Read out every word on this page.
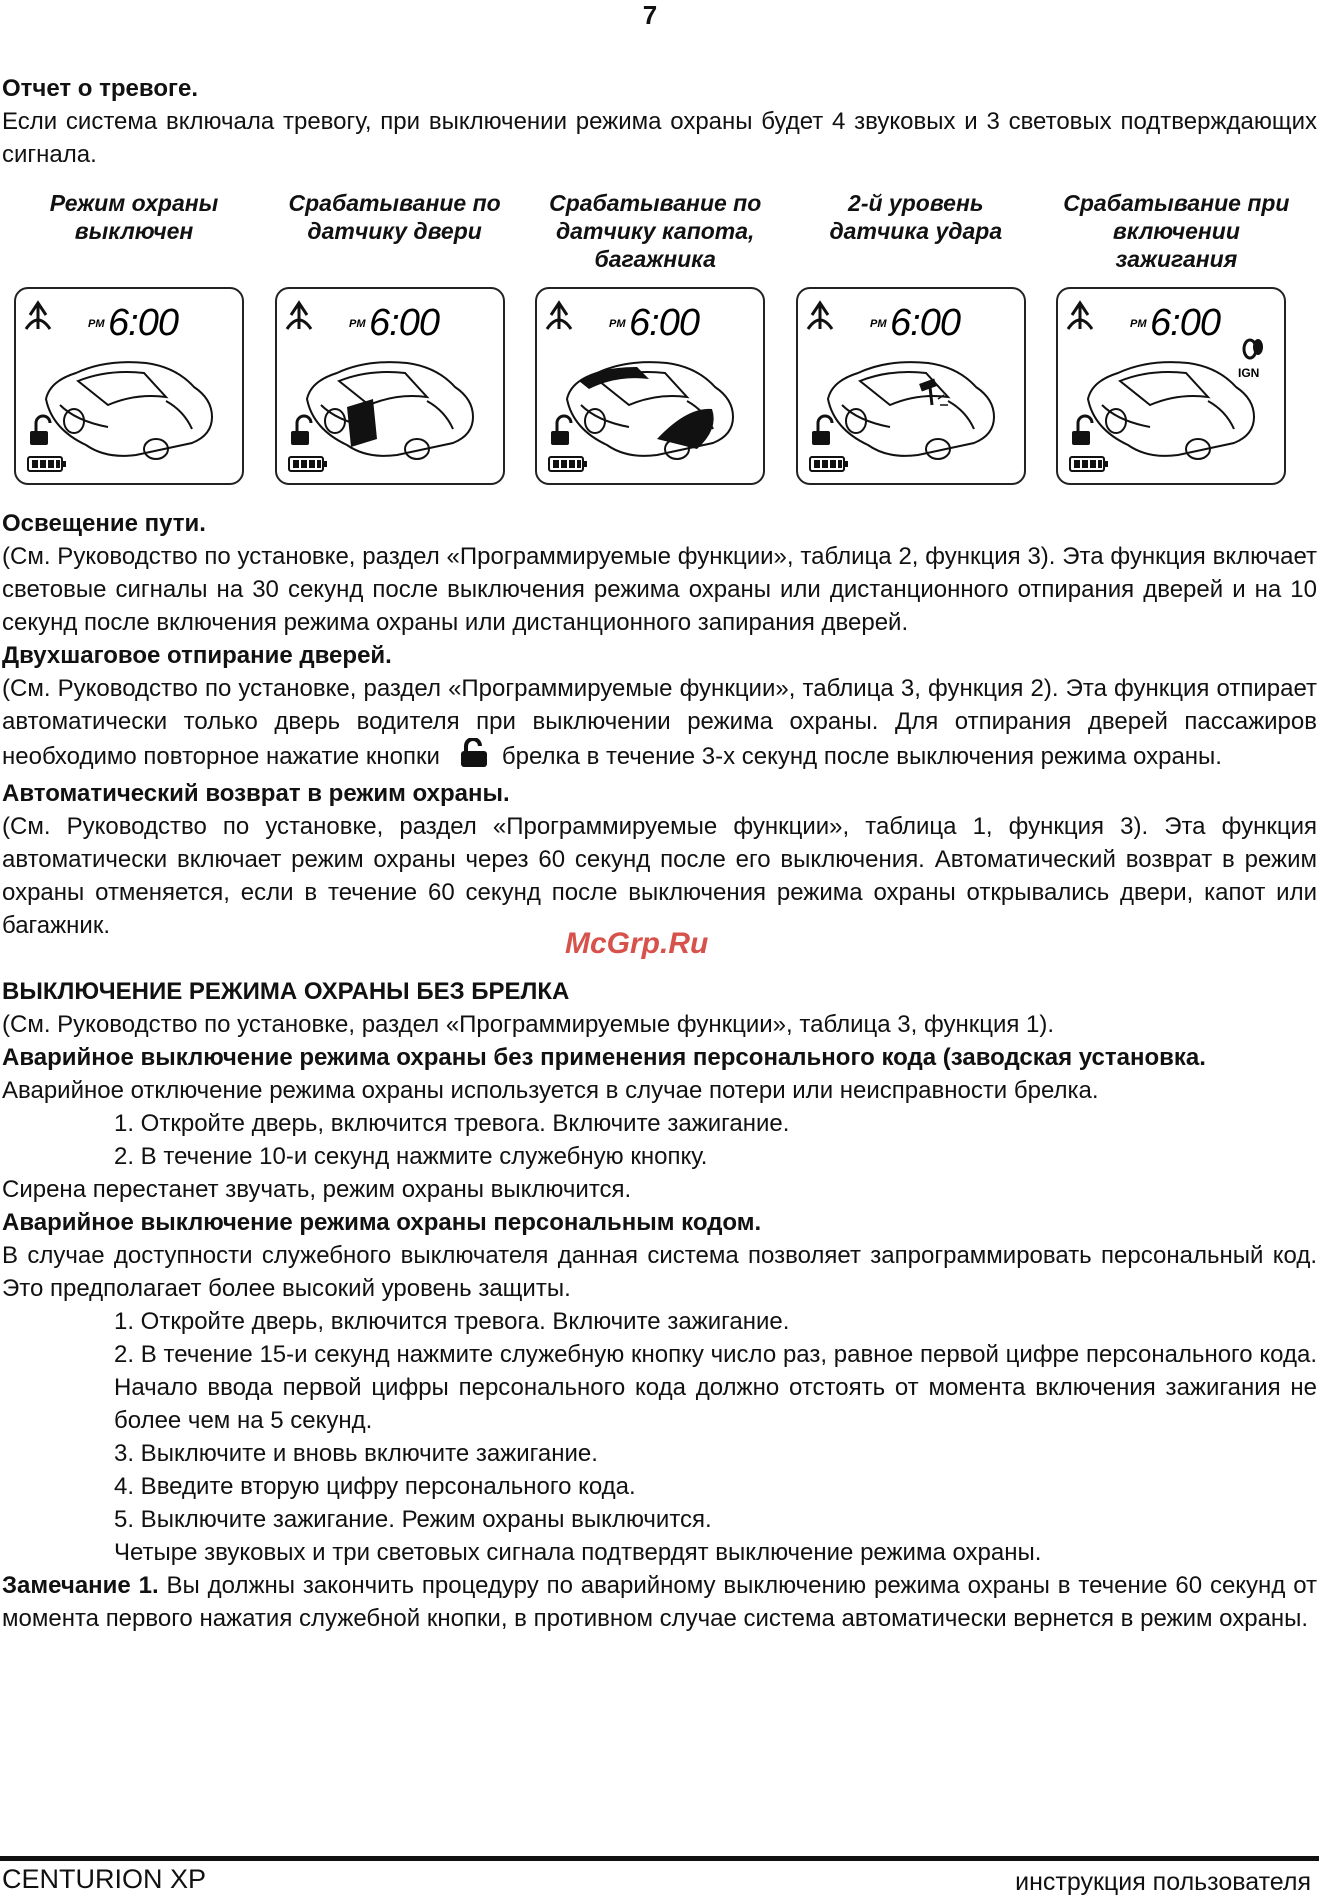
7
Отчет о тревоге.

Если система включала тревогу, при выключении режима охраны будет 4 звуковых и 3 световых подтверждающих сигнала.

Режим охраны выключен
PM 6:00
Срабатывание по датчику двери
PM 6:00
Срабатывание по датчику капота, багажника
PM 6:00
2-й уровень датчика удара
PM 6:00
Срабатывание при включении зажигания
PM 6:00
IGN
Освещение пути.

(См. Руководство по установке, раздел «Программируемые функции», таблица 2, функция 3). Эта функция включает световые сигналы на 30 секунд после выключения режима охраны или дистанционного отпирания дверей и на 10 секунд после включения режима охраны или дистанционного запирания дверей.

Двухшаговое отпирание дверей.

(См. Руководство по установке, раздел «Программируемые функции», таблица 3, функция 2). Эта функция отпирает автоматически только дверь водителя при выключении режима охраны. Для отпирания дверей пассажиров необходимо повторное нажатие кнопки	брелка в течение 3-х секунд после выключения режима охраны.

Автоматический возврат в режим охраны.

(См. Руководство по установке, раздел «Программируемые функции», таблица 1, функция 3). Эта функция автоматически включает режим охраны через 60 секунд после его выключения. Автоматический возврат в режим охраны отменяется, если в течение 60 секунд после выключения режима охраны открывались двери, капот или багажник.

ВЫКЛЮЧЕНИЕ РЕЖИМА ОХРАНЫ БЕЗ БРЕЛКА

(См. Руководство по установке, раздел «Программируемые функции», таблица 3, функция 1).

Аварийное выключение режима охраны без применения персонального кода (заводская установка.

Аварийное отключение режима охраны используется в случае потери или неисправности брелка.

1. Откройте дверь, включится тревога. Включите зажигание.

2. В течение 10-и секунд нажмите служебную кнопку.

Сирена перестанет звучать, режим охраны выключится.

Аварийное выключение режима охраны персональным кодом.

В случае доступности служебного выключателя данная система позволяет запрограммировать персональный код. Это предполагает более высокий уровень защиты.

1. Откройте дверь, включится тревога. Включите зажигание.

2. В течение 15-и секунд нажмите служебную кнопку число раз, равное первой цифре персонального кода. Начало ввода первой цифры персонального кода должно отстоять от момента включения зажигания не более чем на 5 секунд.

3. Выключите и вновь включите зажигание.

4. Введите вторую цифру персонального кода.

5. Выключите зажигание. Режим охраны выключится.

Четыре звуковых и три световых сигнала подтвердят выключение режима охраны.

Замечание 1. Вы должны закончить процедуру по аварийному выключению режима охраны в течение 60 секунд от момента первого нажатия служебной кнопки, в противном случае система автоматически вернется в режим охраны.

McGrp.Ru
CENTURION XP	инструкция пользователя
